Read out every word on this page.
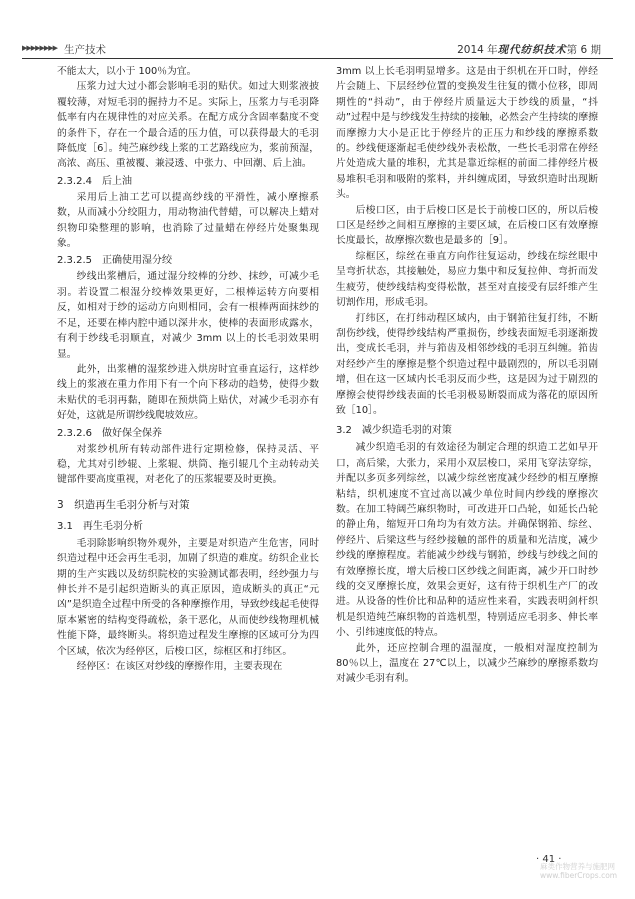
▶▶▶▶▶▶▶▶ 生产技术	2014 年现代纺织技术第 6 期
不能太大，以小于 100％为宜。
压浆力过大过小都会影响毛羽的贴伏。如过大则浆液披覆较薄，对短毛羽的握持力不足。实际上，压浆力与毛羽降低率有内在规律性的对应关系。在配方成分含固率黏度不变的条件下，存在一个最合适的压力值，可以获得最大的毛羽降低度［6］。纯苎麻纱线上浆的工艺路线应为，浆前预湿，高浓、高压、重被覆、兼浸透、中张力、中回潮、后上油。
2.3.2.4　后上油
采用后上油工艺可以提高纱线的平滑性，减小摩擦系数，从而减小分绞阻力，用动物油代替蜡，可以解决上蜡对织物印染整理的影响，也消除了过量蜡在停经片处聚集现象。
2.3.2.5　正确使用湿分绞
纱线出浆槽后，通过湿分绞棒的分纱、抹纱，可减少毛羽。若设置二根湿分绞棒效果更好，二根棒运转方向要相反，如相对于纱的运动方向则相同，会有一根棒两面抹纱的不足，还要在棒内腔中通以深井水，使棒的表面形成露水，有利于纱线毛羽顺直，对减少 3mm 以上的长毛羽效果明显。
此外，出浆槽的湿浆纱进入烘房时宜垂直运行，这样纱线上的浆液在重力作用下有一个向下移动的趋势，使得少数未贴伏的毛羽再黏，随即在预烘筒上贴伏，对减少毛羽亦有好处，这就是所谓纱线爬坡效应。
2.3.2.6　做好保全保养
对浆纱机所有转动部件进行定期检修，保持灵活、平稳，尤其对引纱辊、上浆辊、烘筒、拖引辊几个主动转动关键部件要高度重视，对老化了的压浆辊要及时更换。
3　织造再生毛羽分析与对策
3.1　再生毛羽分析
毛羽除影响织物外观外，主要是对织造产生危害，同时织造过程中还会再生毛羽，加剧了织造的难度。纺织企业长期的生产实践以及纺织院校的实验测试都表明，经纱强力与伸长并不是引起织造断头的真正原因，造成断头的真正“元凶”是织造全过程中所受的各种摩擦作用，导致纱线起毛使得原本紧密的结构变得疏松，条干恶化，从而使纱线物理机械性能下降，最终断头。将织造过程发生摩擦的区域可分为四个区域，依次为经停区，后梭口区，综框区和打纬区。
经停区：在该区对纱线的摩擦作用，主要表现在
3mm 以上长毛羽明显增多。这是由于织机在开口时，停经片会随上、下层经纱位置的变换发生往复的微小位移，即周期性的“抖动”，由于停经片质量远大于纱线的质量，“抖动”过程中是与纱线发生持续的接触，必然会产生持续的摩擦而摩擦力大小是正比于停经片的正压力和纱线的摩擦系数的。纱线便逐渐起毛使纱线外表松散，一些长毛羽常在停经片处造成大量的堆积，尤其是靠近综框的前面二排停经片极易堆积毛羽和吸附的浆料，并纠缠成团，导致织造时出现断头。
后梭口区，由于后梭口区是长于前梭口区的，所以后梭口区是经纱之间相互摩擦的主要区域，在后梭口区有效摩擦长度最长，故摩擦次数也是最多的［9］。
综框区，综丝在垂直方向作往复运动，纱线在综丝眼中呈弯折状态，其接触处，易应力集中和反复拉伸、弯折而发生疲劳，使纱线结构变得松散，甚至对直接受有层纤维产生切割作用，形成毛羽。
打纬区，在打纬动程区域内，由于钢筘往复打纬，不断刮伤纱线，使得纱线结构严重损伤，纱线表面短毛羽逐渐拨出，变成长毛羽，并与筘齿及相邻纱线的毛羽互纠缠。筘齿对经纱产生的摩擦是整个织造过程中最剧烈的，所以毛羽剧增，但在这一区域内长毛羽反而少些，这是因为过于剧烈的摩擦会使得纱线表面的长毛羽极易断裂而成为落花的原因所致［10］。
3.2　减少织造毛羽的对策
减少织造毛羽的有效途径为制定合理的织造工艺如早开口，高后梁，大张力，采用小双层梭口，采用飞穿法穿综，并配以多页多列综丝，以减少综丝密度减少经纱的相互摩擦粘结，织机速度不宜过高以减少单位时间内纱线的摩擦次数。在加工特阔苎麻织物时，可改进开口凸轮，如延长凸轮的静止角，缩短开口角均为有效方法。并确保钢筘、综丝、停经片、后梁这些与经纱接触的部件的质量和光洁度，减少纱线的摩擦程度。若能减少纱线与钢筘，纱线与纱线之间的有效摩擦长度，增大后梭口区纱线之间距离，减少开口时纱线的交叉摩擦长度，效果会更好，这有待于织机生产厂的改进。从设备的性价比和品种的适应性来看，实践表明剑杆织机是织造纯苎麻织物的首选机型，特别适应毛羽多、伸长率小、引纬速度低的特点。
此外，还应控制合理的温湿度，一般相对湿度控制为 80％以上，温度在 27℃以上，以减少苎麻纱的摩擦系数均对减少毛羽有利。
· 41 ·
麻类作物营养与施肥网
www.fiberCrops.com
